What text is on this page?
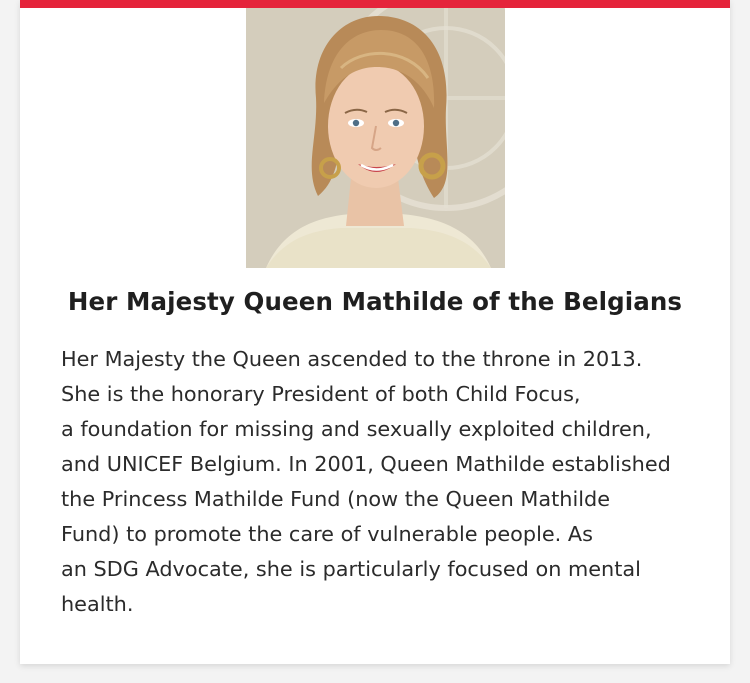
Her Majesty Queen Mathilde of the Belgians
Her Majesty the Queen ascended to the throne in 2013.
She is the honorary President of both Child Focus,
a foundation for missing and sexually exploited children,
and UNICEF Belgium. In 2001, Queen Mathilde established
the Princess Mathilde Fund (now the Queen Mathilde
Fund) to promote the care of vulnerable people. As
an SDG Advocate, she is particularly focused on mental
health.
